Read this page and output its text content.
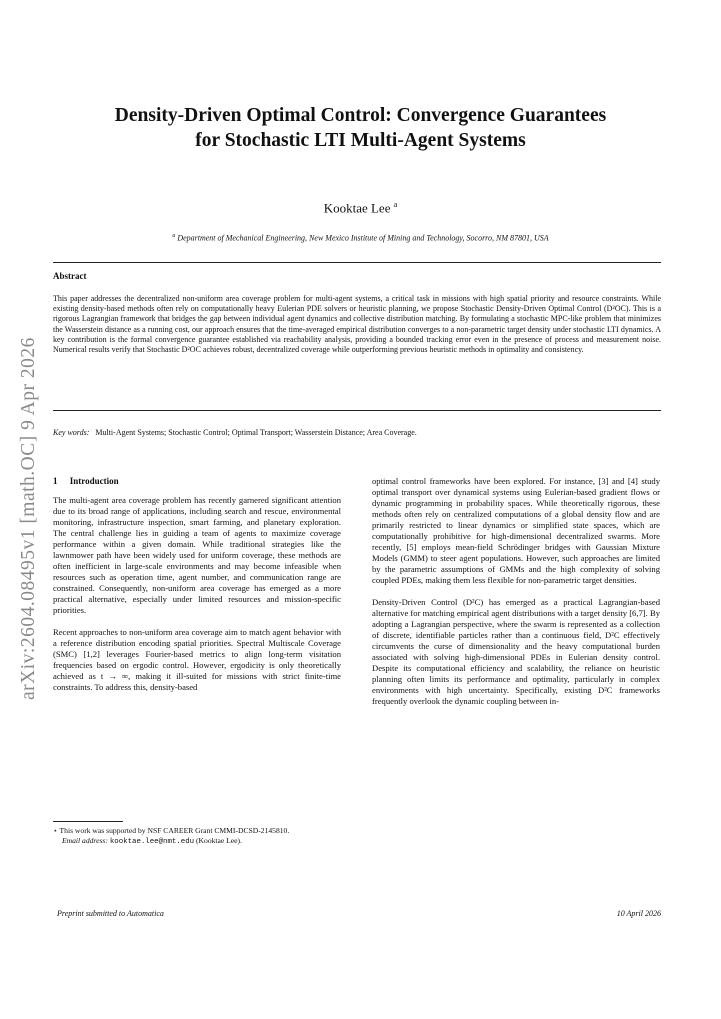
arXiv:2604.08495v1 [math.OC] 9 Apr 2026
Density-Driven Optimal Control: Convergence Guarantees
for Stochastic LTI Multi-Agent Systems
Kooktae Lee $^a$
$^a$ Department of Mechanical Engineering, New Mexico Institute of Mining and Technology, Socorro, NM 87801, USA
Abstract
This paper addresses the decentralized non-uniform area coverage problem for multi-agent systems, a critical task in missions with high spatial priority and resource constraints. While existing density-based methods often rely on computationally heavy Eulerian PDE solvers or heuristic planning, we propose Stochastic Density-Driven Optimal Control (D²OC). This is a rigorous Lagrangian framework that bridges the gap between individual agent dynamics and collective distribution matching. By formulating a stochastic MPC-like problem that minimizes the Wasserstein distance as a running cost, our approach ensures that the time-averaged empirical distribution converges to a non-parametric target density under stochastic LTI dynamics. A key contribution is the formal convergence guarantee established via reachability analysis, providing a bounded tracking error even in the presence of process and measurement noise. Numerical results verify that Stochastic D²OC achieves robust, decentralized coverage while outperforming previous heuristic methods in optimality and consistency.
Key words: Multi-Agent Systems; Stochastic Control; Optimal Transport; Wasserstein Distance; Area Coverage.
1 Introduction

The multi-agent area coverage problem has recently garnered significant attention due to its broad range of applications, including search and rescue, environmental monitoring, infrastructure inspection, smart farming, and planetary exploration. The central challenge lies in guiding a team of agents to maximize coverage performance within a given domain. While traditional strategies like the lawnmower path have been widely used for uniform coverage, these methods are often inefficient in large-scale environments and may become infeasible when resources such as operation time, agent number, and communication range are constrained. Consequently, non-uniform area coverage has emerged as a more practical alternative, especially under limited resources and mission-specific priorities.

Recent approaches to non-uniform area coverage aim to match agent behavior with a reference distribution encoding spatial priorities. Spectral Multiscale Coverage (SMC) [1,2] leverages Fourier-based metrics to align long-term visitation frequencies based on ergodic control. However, ergodicity is only theoretically achieved as t → ∞, making it ill-suited for missions with strict finite-time constraints. To address this, density-based

optimal control frameworks have been explored. For instance, [3] and [4] study optimal transport over dynamical systems using Eulerian-based gradient flows or dynamic programming in probability spaces. While theoretically rigorous, these methods often rely on centralized computations of a global density flow and are primarily restricted to linear dynamics or simplified state spaces, which are computationally prohibitive for high-dimensional decentralized swarms. More recently, [5] employs mean-field Schrödinger bridges with Gaussian Mixture Models (GMM) to steer agent populations. However, such approaches are limited by the parametric assumptions of GMMs and the high complexity of solving coupled PDEs, making them less flexible for non-parametric target densities.

Density-Driven Control (D²C) has emerged as a practical Lagrangian-based alternative for matching empirical agent distributions with a target density [6,7]. By adopting a Lagrangian perspective, where the swarm is represented as a collection of discrete, identifiable particles rather than a continuous field, D²C effectively circumvents the curse of dimensionality and the heavy computational burden associated with solving high-dimensional PDEs in Eulerian density control. Despite its computational efficiency and scalability, the reliance on heuristic planning often limits its performance and optimality, particularly in complex environments with high uncertainty. Specifically, existing D²C frameworks frequently overlook the dynamic coupling between in-

⋆ This work was supported by NSF CAREER Grant CMMI-DCSD-2145810.
Email address: kooktae.lee@nmt.edu (Kooktae Lee).
Preprint submitted to Automatica	10 April 2026
